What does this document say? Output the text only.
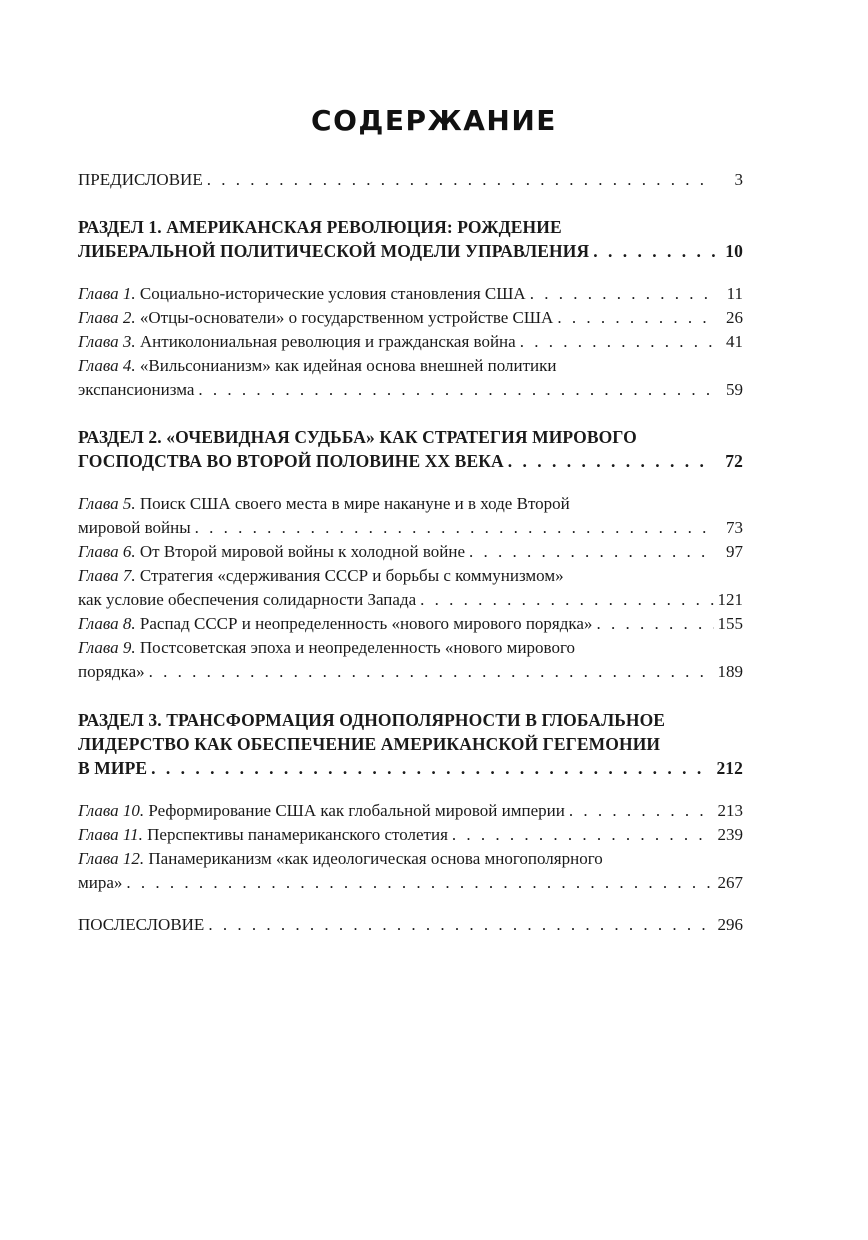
СОДЕРЖАНИЕ
ПРЕДИСЛОВИЕ . . .	3
РАЗДЕЛ 1. АМЕРИКАНСКАЯ РЕВОЛЮЦИЯ: РОЖДЕНИЕ
ЛИБЕРАЛЬНОЙ ПОЛИТИЧЕСКОЙ МОДЕЛИ УПРАВЛЕНИЯ . . .	10
Глава 1. Социально-исторические условия становления США . . .	11
Глава 2. «Отцы-основатели» о государственном устройстве США . . .	26
Глава 3. Антиколониальная революция и гражданская война . . .	41
Глава 4. «Вильсонианизм» как идейная основа внешней политики
экспансионизма . . .	59
РАЗДЕЛ 2. «ОЧЕВИДНАЯ СУДЬБА» КАК СТРАТЕГИЯ МИРОВОГО
ГОСПОДСТВА ВО ВТОРОЙ ПОЛОВИНЕ XX ВЕКА . . .	72
Глава 5. Поиск США своего места в мире накануне и в ходе Второй
мировой войны . . .	73
Глава 6. От Второй мировой войны к холодной войне . . .	97
Глава 7. Стратегия «сдерживания СССР и борьбы с коммунизмом»
как условие обеспечения солидарности Запада . . .	121
Глава 8. Распад СССР и неопределенность «нового мирового порядка» . . .	155
Глава 9. Постсоветская эпоха и неопределенность «нового мирового
порядка» . . .	189
РАЗДЕЛ 3. ТРАНСФОРМАЦИЯ ОДНОПОЛЯРНОСТИ В ГЛОБАЛЬНОЕ
ЛИДЕРСТВО КАК ОБЕСПЕЧЕНИЕ АМЕРИКАНСКОЙ ГЕГЕМОНИИ
В МИРЕ . . .	212
Глава 10. Реформирование США как глобальной мировой империи . . .	213
Глава 11. Перспективы панамериканского столетия . . .	239
Глава 12. Панамериканизм «как идеологическая основа многополярного
мира» . . .	267
ПОСЛЕСЛОВИЕ . . .	296
